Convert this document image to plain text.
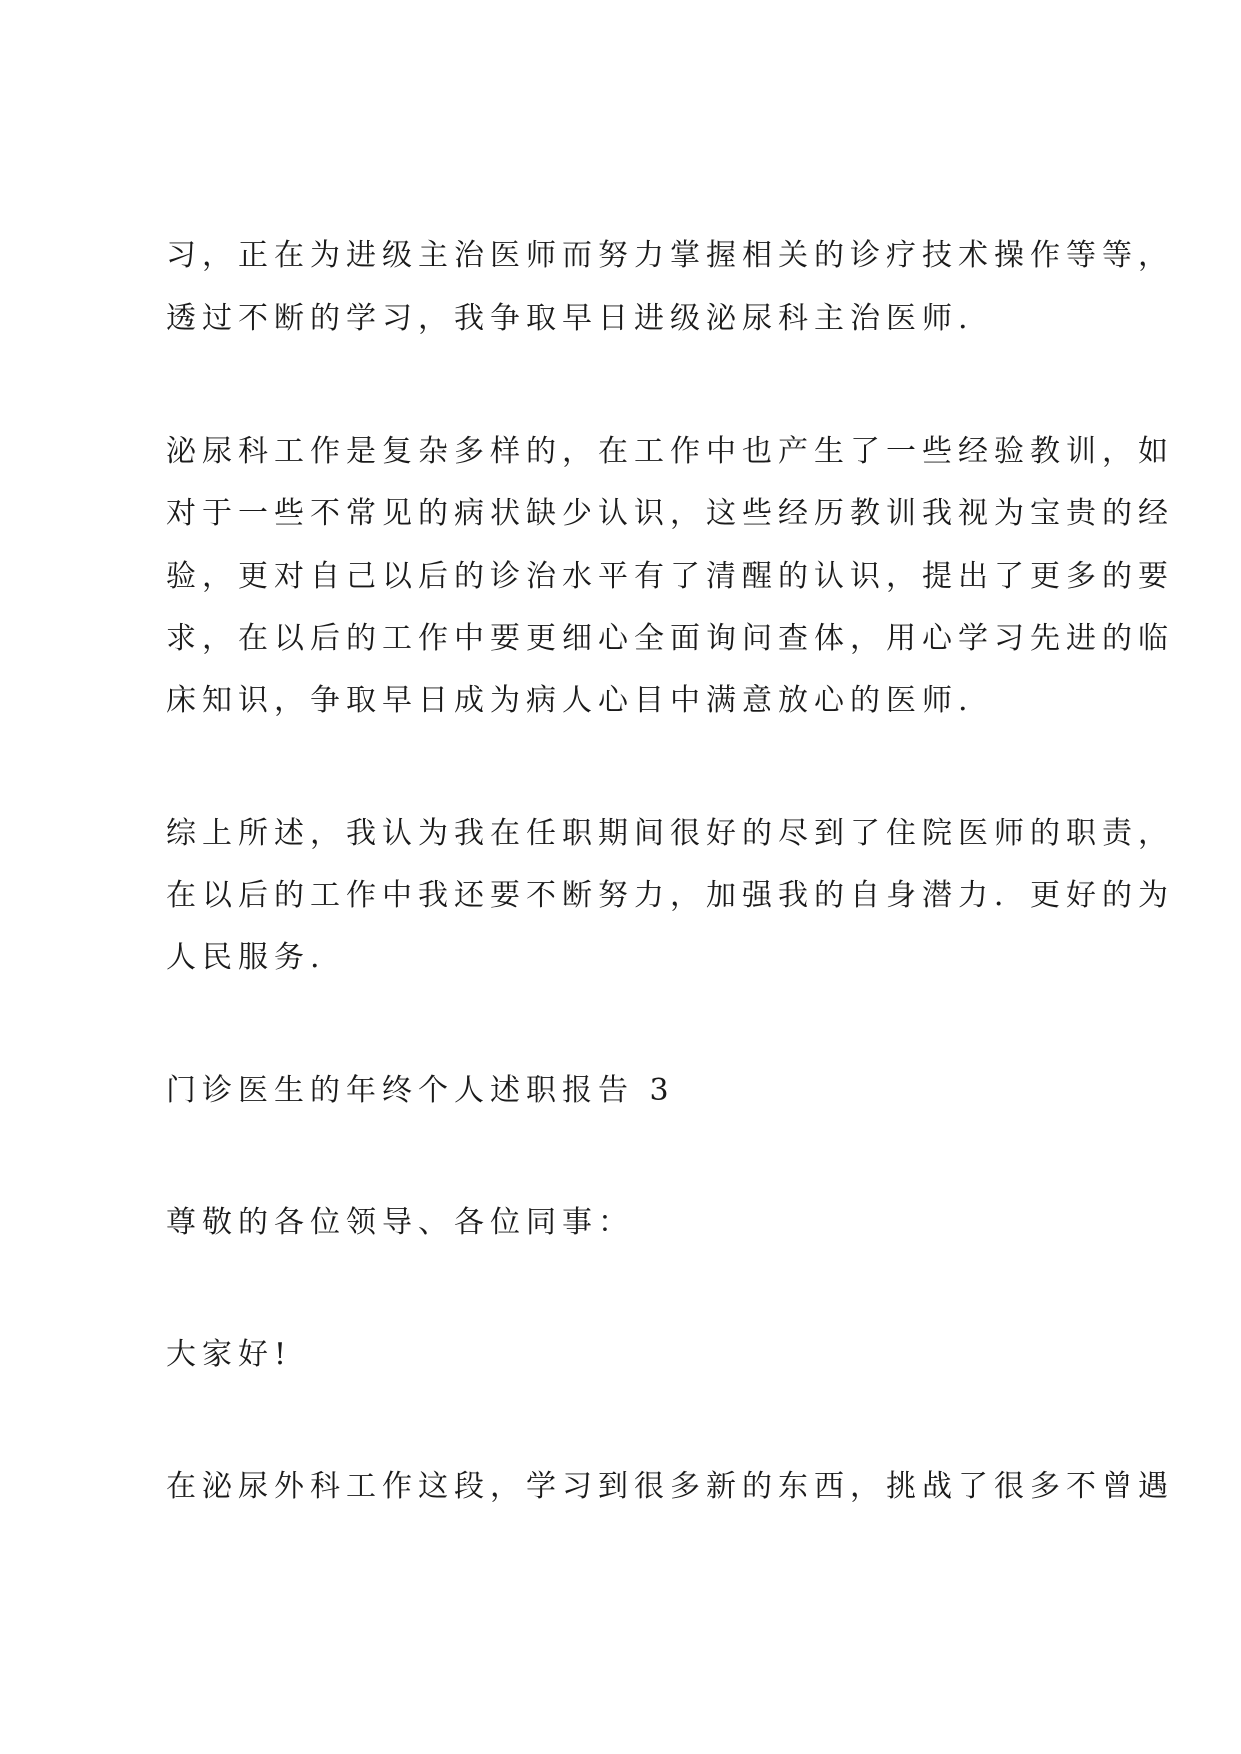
习，正在为进级主治医师而努力掌握相关的诊疗技术操作等等，
透过不断的学习，我争取早日进级泌尿科主治医师.
泌尿科工作是复杂多样的，在工作中也产生了一些经验教训，如
对于一些不常见的病状缺少认识，这些经历教训我视为宝贵的经
验，更对自己以后的诊治水平有了清醒的认识，提出了更多的要
求，在以后的工作中要更细心全面询问查体，用心学习先进的临
床知识，争取早日成为病人心目中满意放心的医师.
综上所述，我认为我在任职期间很好的尽到了住院医师的职责，
在以后的工作中我还要不断努力，加强我的自身潜力．更好的为
人民服务.
门诊医生的年终个人述职报告 3
尊敬的各位领导、各位同事：
大家好!
在泌尿外科工作这段，学习到很多新的东西，挑战了很多不曾遇
